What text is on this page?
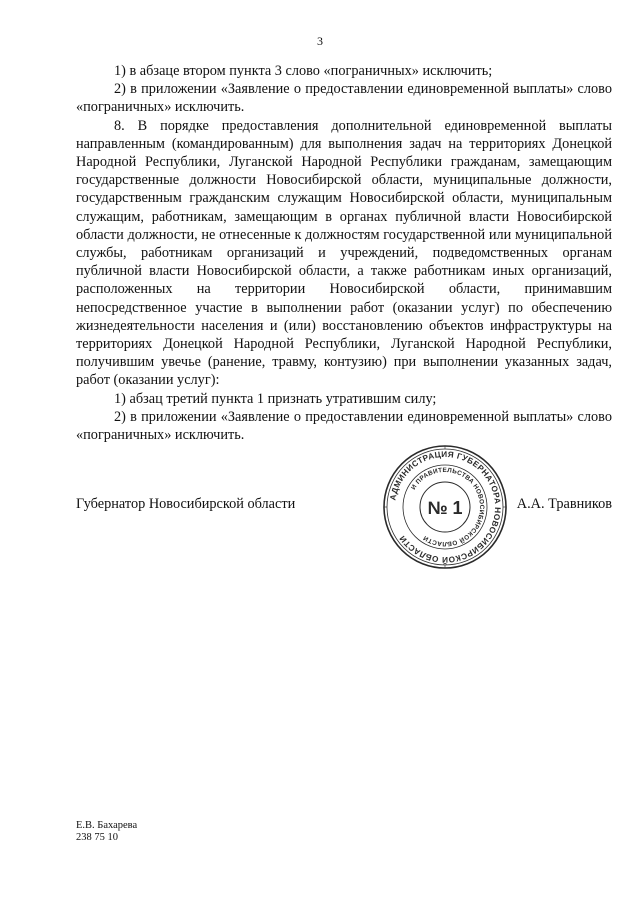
3

1) в абзаце втором пункта 3 слово «пограничных» исключить;

2) в приложении «Заявление о предоставлении единовременной выплаты» слово «пограничных» исключить.

8. В порядке предоставления дополнительной единовременной выплаты направленным (командированным) для выполнения задач на территориях Донецкой Народной Республики, Луганской Народной Республики гражданам, замещающим государственные должности Новосибирской области, муниципальные должности, государственным гражданским служащим Новосибирской области, муниципальным служащим, работникам, замещающим в органах публичной власти Новосибирской области должности, не отнесенные к должностям государственной или муниципальной службы, работникам организаций и учреждений, подведомственных органам публичной власти Новосибирской области, а также работникам иных организаций, расположенных на территории Новосибирской области, принимавшим непосредственное участие в выполнении работ (оказании услуг) по обеспечению жизнедеятельности населения и (или) восстановлению объектов инфраструктуры на территориях Донецкой Народной Республики, Луганской Народной Республики, получившим увечье (ранение, травму, контузию) при выполнении указанных задач, работ (оказании услуг):

1) абзац третий пункта 1 признать утратившим силу;

2) в приложении «Заявление о предоставлении единовременной выплаты» слово «пограничных» исключить.

Губернатор Новосибирской области	А.А. Травников
АДМИНИСТРАЦИЯ ГУБЕРНАТОРА НОВОСИБИРСКОЙ ОБЛАСТИ
И ПРАВИТЕЛЬСТВА НОВОСИБИРСКОЙ ОБЛАСТИ
№ 1
Е.В. Бахарева
238 75 10
